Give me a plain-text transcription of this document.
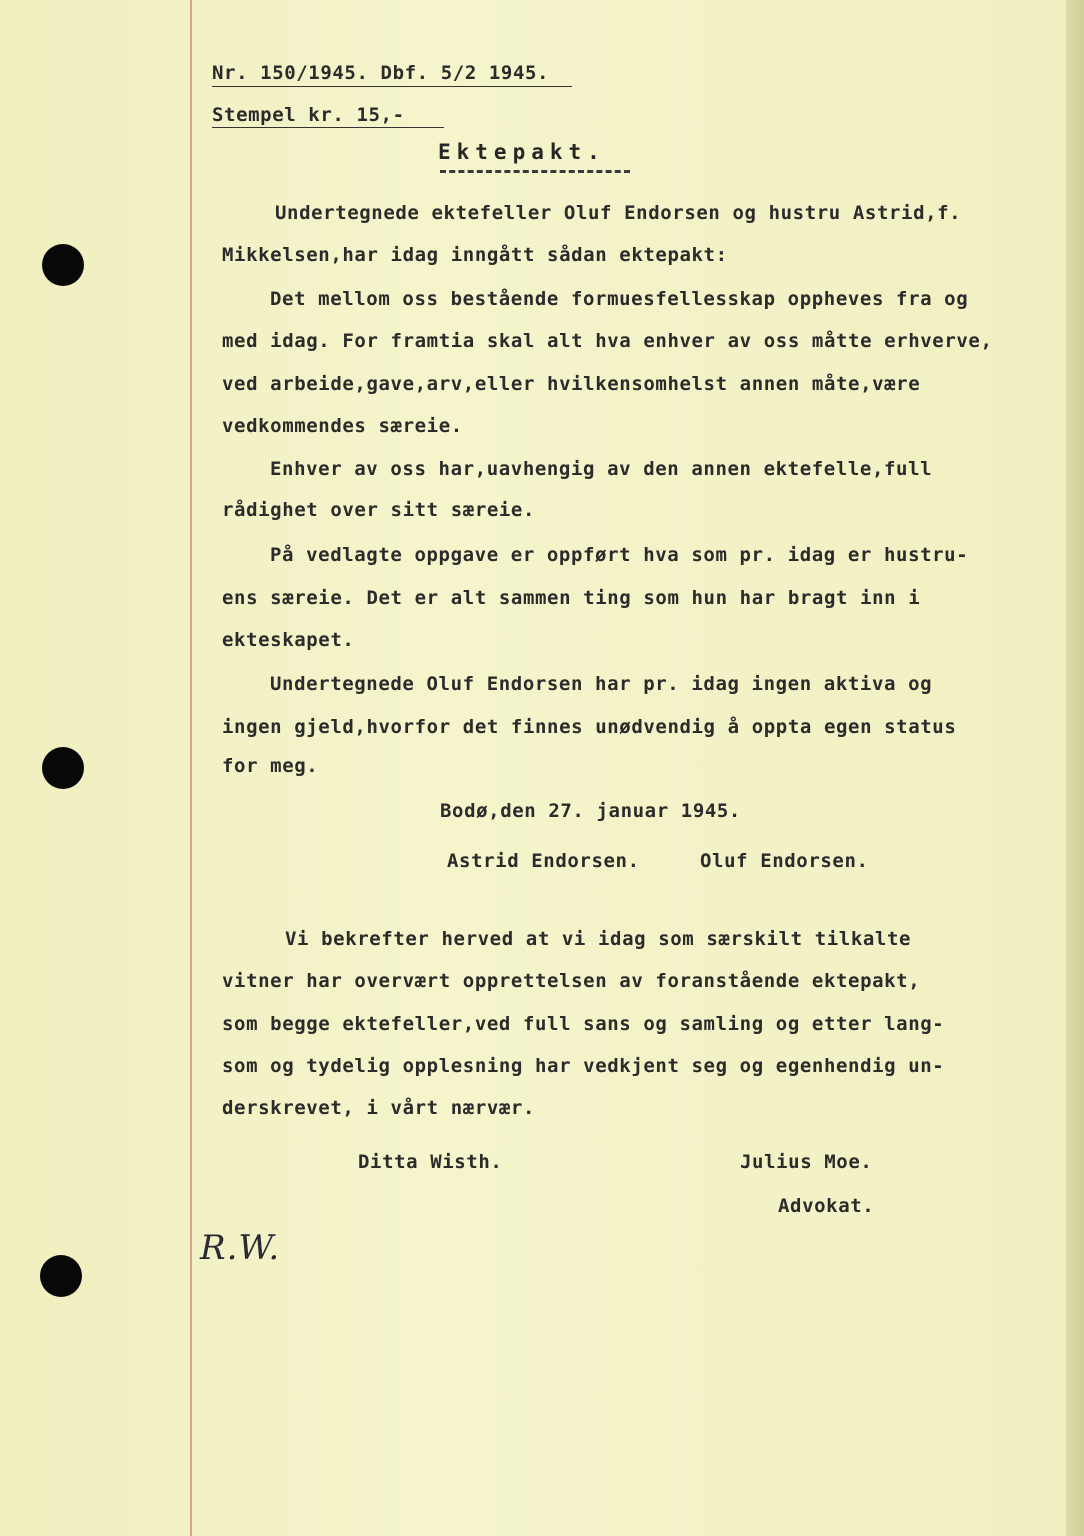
Nr. 150/1945. Dbf. 5/2 1945.
Stempel kr. 15,-
Ektepakt.
Undertegnede ektefeller Oluf Endorsen og hustru Astrid,f.
Mikkelsen,har idag inngått sådan ektepakt:
Det mellom oss bestående formuesfellesskap oppheves fra og
med idag. For framtia skal alt hva enhver av oss måtte erhverve,
ved arbeide,gave,arv,eller hvilkensomhelst annen måte,være
vedkommendes særeie.
Enhver av oss har,uavhengig av den annen ektefelle,full
rådighet over sitt særeie.
På vedlagte oppgave er oppført hva som pr. idag er hustru-
ens særeie. Det er alt sammen ting som hun har bragt inn i
ekteskapet.
Undertegnede Oluf Endorsen har pr. idag ingen aktiva og
ingen gjeld,hvorfor det finnes unødvendig å oppta egen status
for meg.
Bodø,den 27. januar 1945.
Astrid Endorsen.	Oluf Endorsen.
Vi bekrefter herved at vi idag som særskilt tilkalte
vitner har overvært opprettelsen av foranstående ektepakt,
som begge ektefeller,ved full sans og samling og etter lang-
som og tydelig opplesning har vedkjent seg og egenhendig un-
derskrevet, i vårt nærvær.
Ditta Wisth.	Julius Moe.
Advokat.
R.W.
